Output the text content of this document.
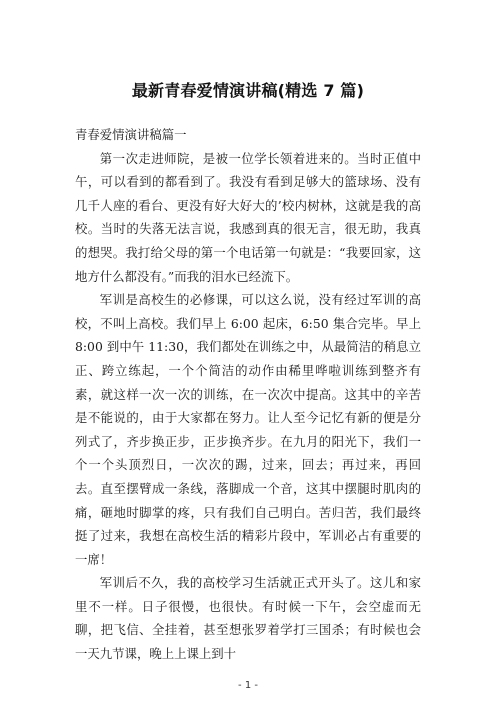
最新青春爱情演讲稿(精选 7 篇)

青春爱情演讲稿篇一

第一次走进师院，是被一位学长领着进来的。当时正值中午，可以看到的都看到了。我没有看到足够大的篮球场、没有几千人座的看台、更没有好大好大的’校内树林，这就是我的高校。当时的失落无法言说，我感到真的很无言，很无助，我真的想哭。我打给父母的第一个电话第一句就是：“我要回家，这地方什么都没有。”而我的泪水已经流下。

军训是高校生的必修课，可以这么说，没有经过军训的高校，不叫上高校。我们早上 6:00 起床，6:50 集合完毕。早上 8:00 到中午 11:30，我们都处在训练之中，从最简洁的稍息立正、跨立练起，一个个简洁的动作由稀里哗啦训练到整齐有素，就这样一次一次的训练，在一次次中提高。这其中的辛苦是不能说的，由于大家都在努力。让人至今记忆有新的便是分列式了，齐步换正步，正步换齐步。在九月的阳光下，我们一个一个头顶烈日，一次次的踢，过来，回去；再过来，再回去。直至摆臂成一条线，落脚成一个音，这其中摆腿时肌肉的痛，砸地时脚掌的疼，只有我们自己明白。苦归苦，我们最终挺了过来，我想在高校生活的精彩片段中，军训必占有重要的一席！

军训后不久，我的高校学习生活就正式开头了。这儿和家里不一样。日子很慢，也很快。有时候一下午，会空虚而无聊，把飞信、全挂着，甚至想张罗着学打三国杀；有时候也会一天九节课，晚上上课上到十

- 1 -
